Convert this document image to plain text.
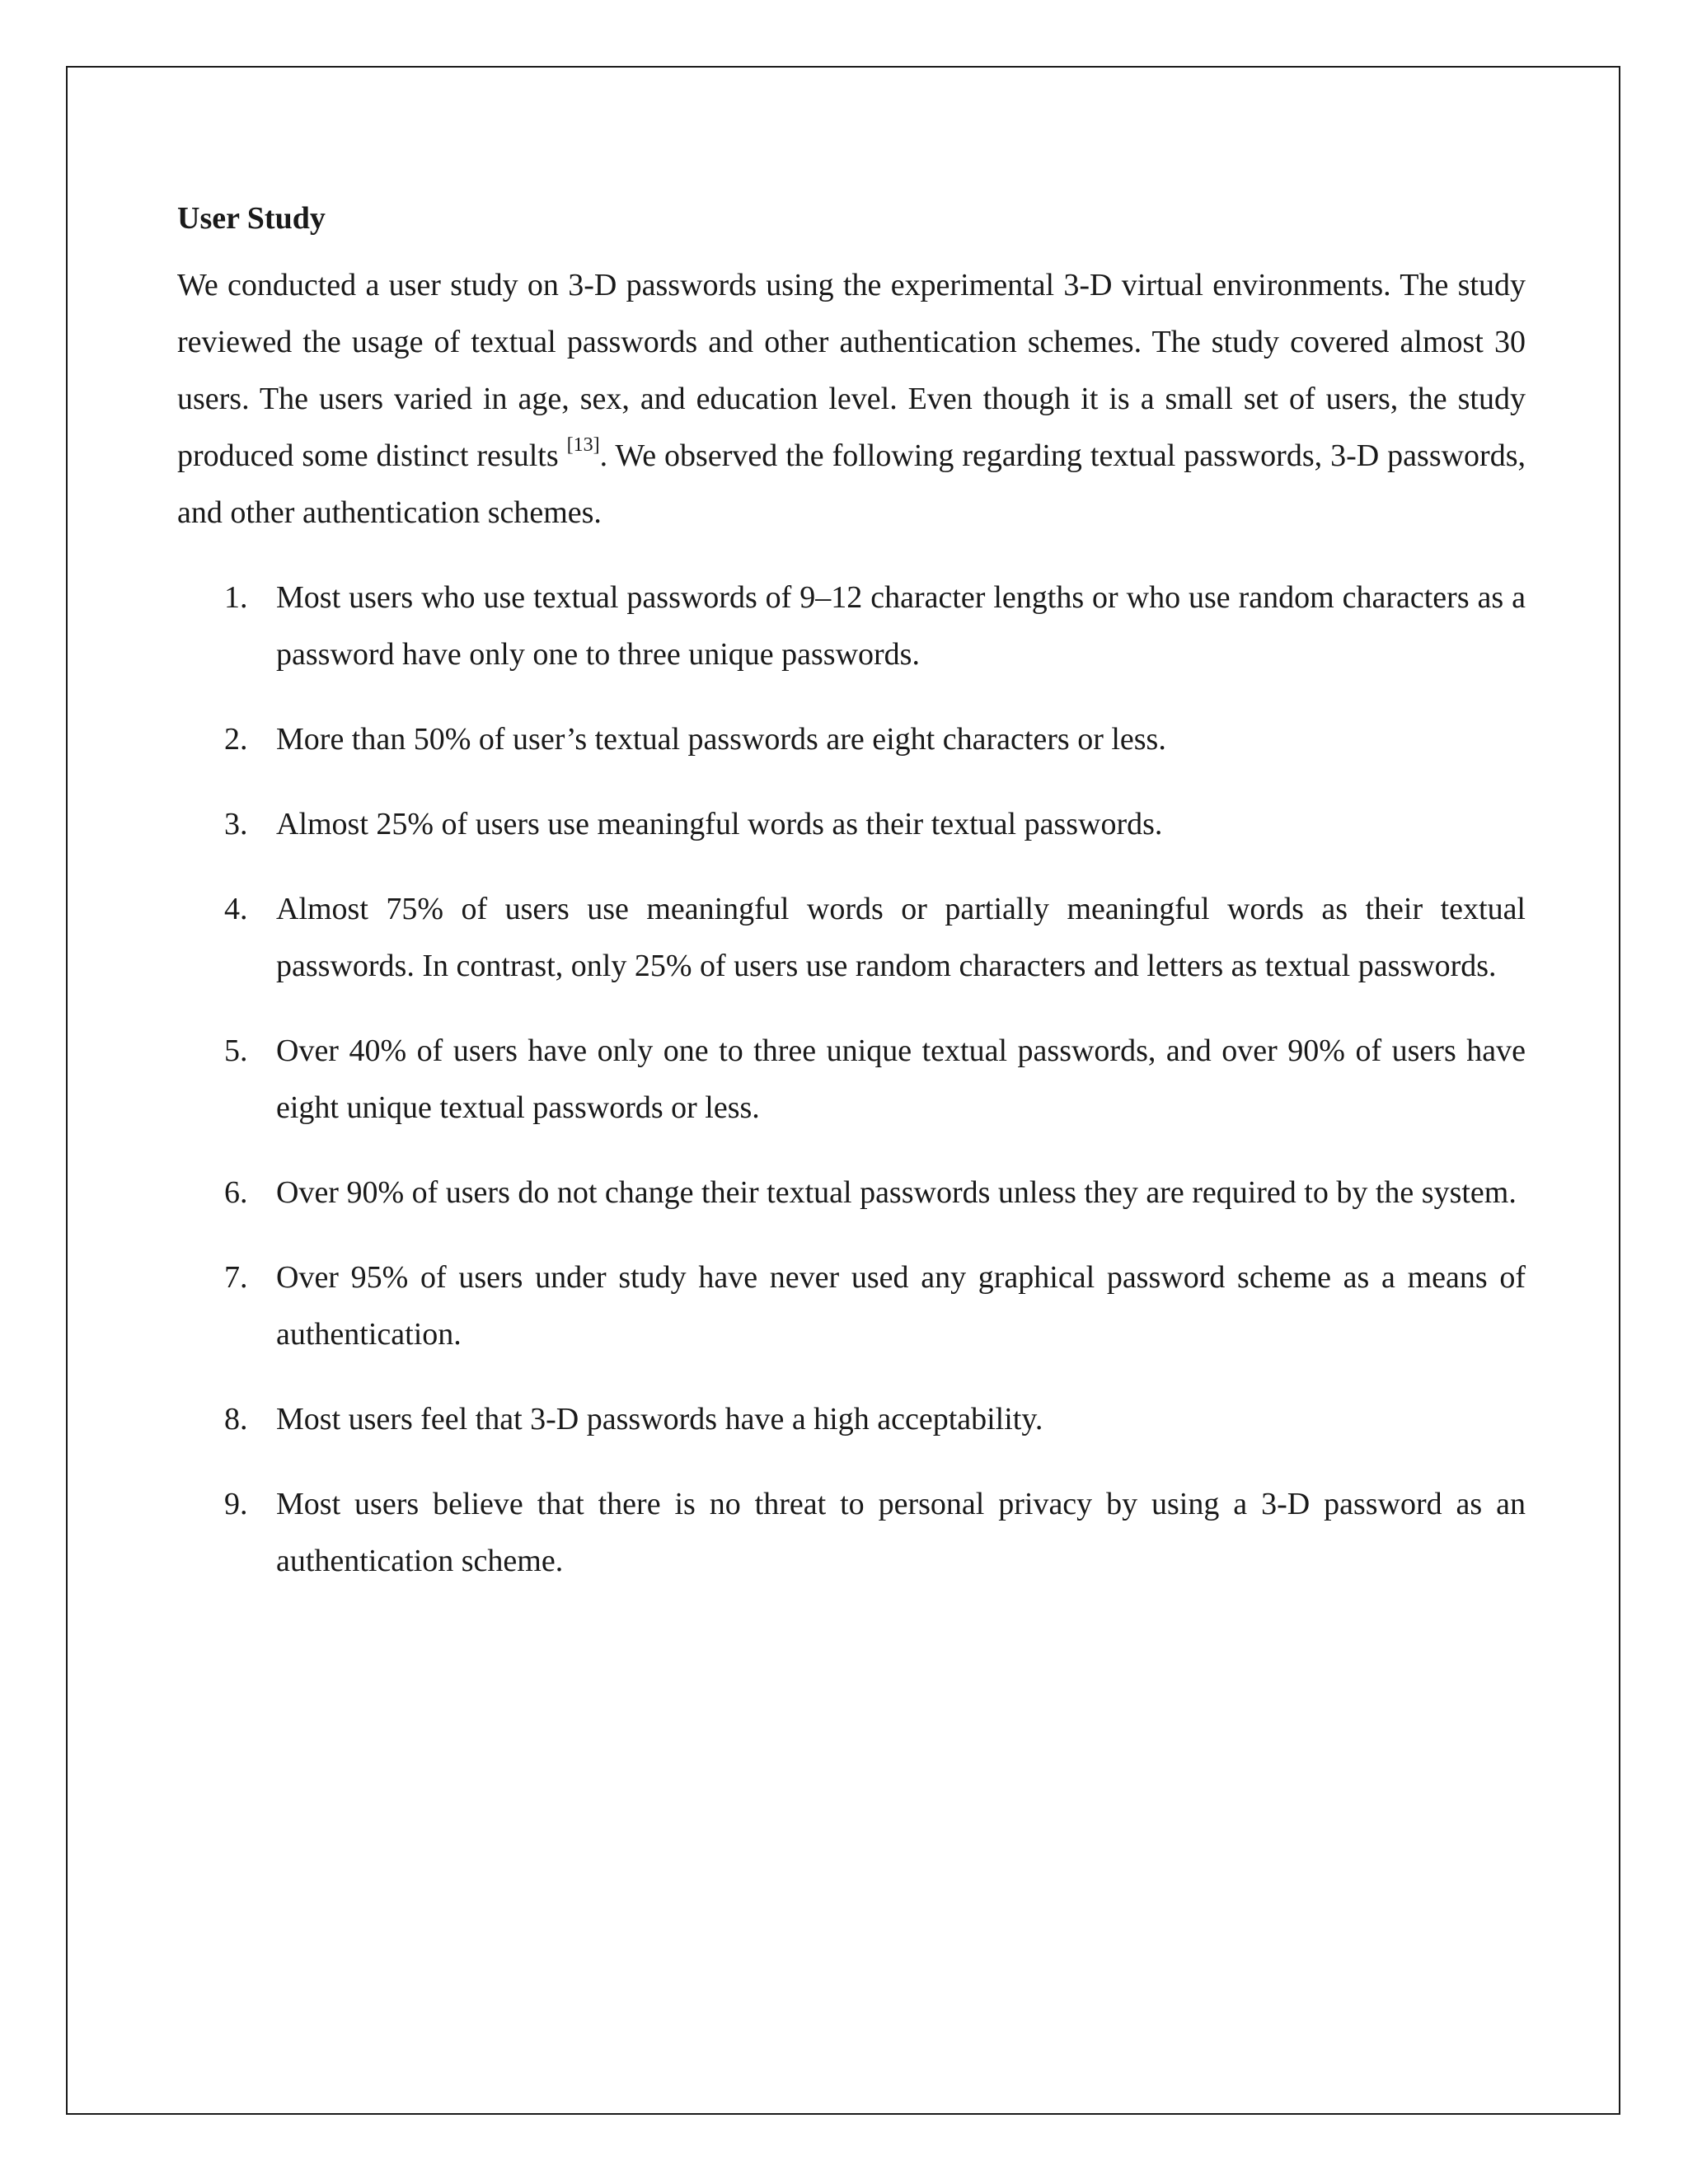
User Study

We conducted a user study on 3-D passwords using the experimental 3-D virtual environments. The study reviewed the usage of textual passwords and other authentication schemes. The study covered almost 30 users. The users varied in age, sex, and education level. Even though it is a small set of users, the study produced some distinct results [13]. We observed the following regarding textual passwords, 3-D passwords, and other authentication schemes.

1. Most users who use textual passwords of 9–12 character lengths or who use random characters as a password have only one to three unique passwords.
2. More than 50% of user’s textual passwords are eight characters or less.
3. Almost 25% of users use meaningful words as their textual passwords.
4. Almost 75% of users use meaningful words or partially meaningful words as their textual passwords. In contrast, only 25% of users use random characters and letters as textual passwords.
5. Over 40% of users have only one to three unique textual passwords, and over 90% of users have eight unique textual passwords or less.
6. Over 90% of users do not change their textual passwords unless they are required to by the system.
7. Over 95% of users under study have never used any graphical password scheme as a means of authentication.
8. Most users feel that 3-D passwords have a high acceptability.
9. Most users believe that there is no threat to personal privacy by using a 3-D password as an authentication scheme.
